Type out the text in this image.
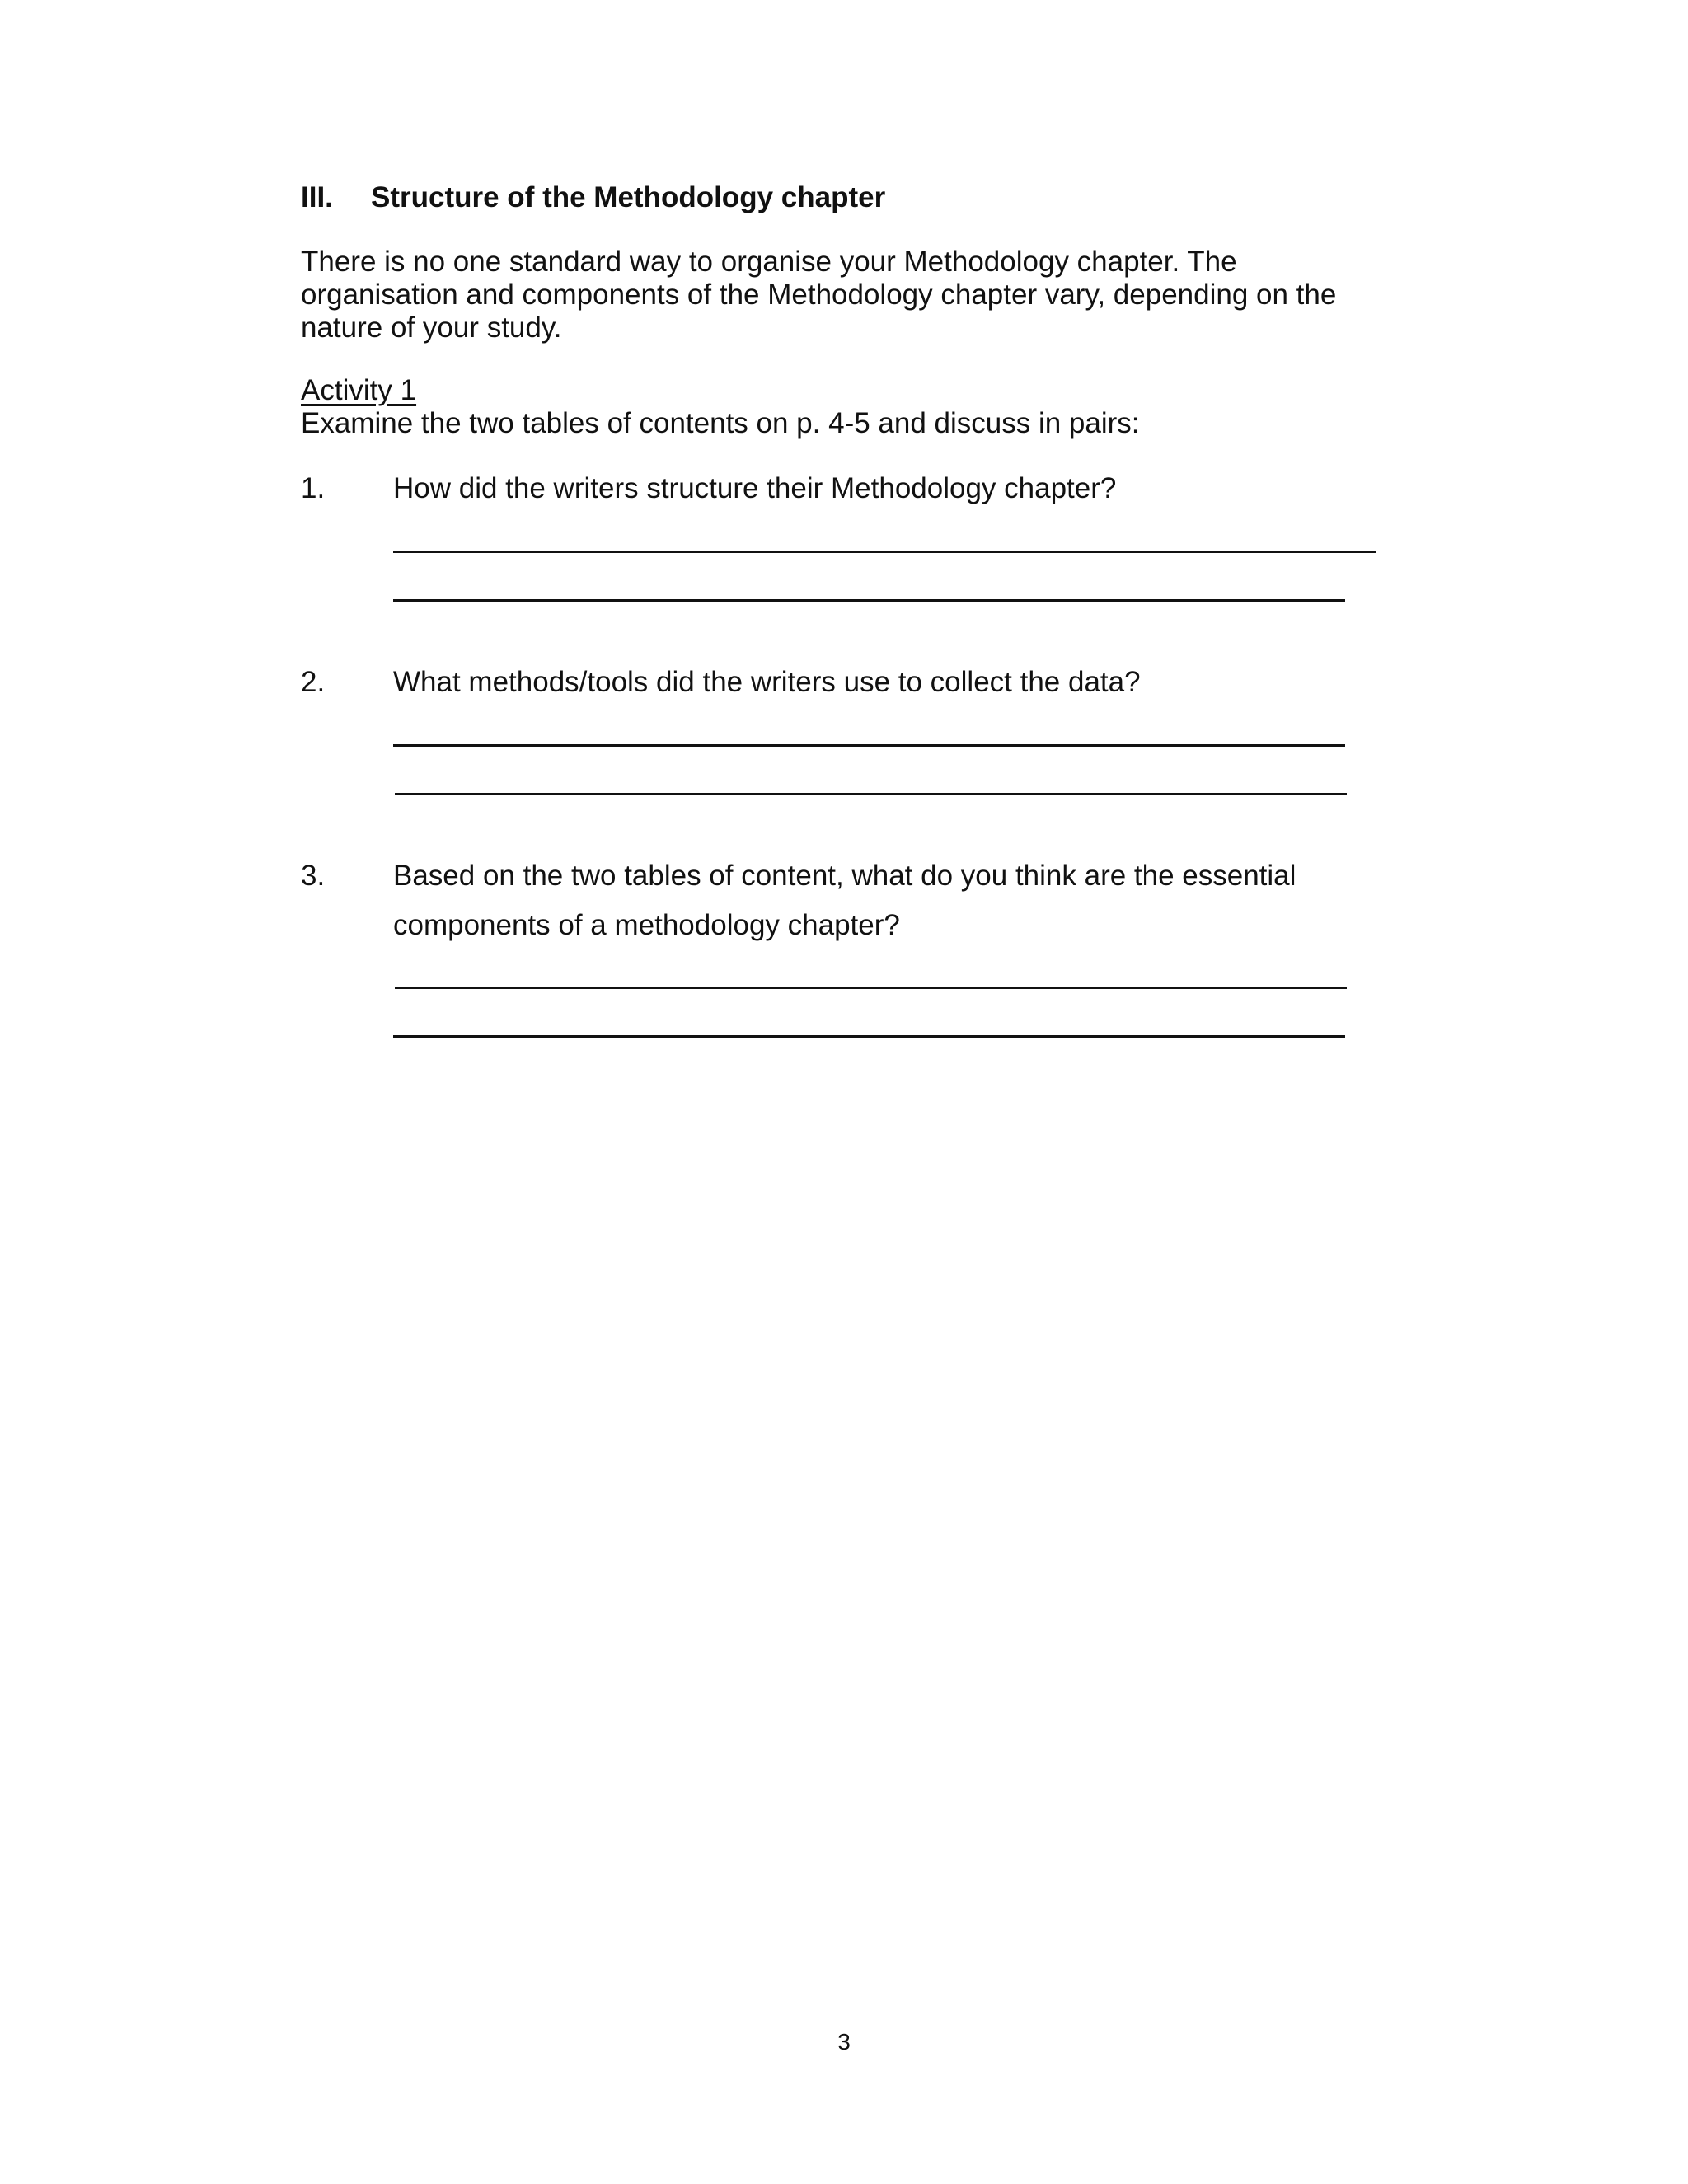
III. Structure of the Methodology chapter
There is no one standard way to organise your Methodology chapter. The organisation and components of the Methodology chapter vary, depending on the nature of your study.
Activity 1
Examine the two tables of contents on p. 4-5 and discuss in pairs:
1. How did the writers structure their Methodology chapter?
2. What methods/tools did the writers use to collect the data?
3. Based on the two tables of content, what do you think are the essential components of a methodology chapter?
3
